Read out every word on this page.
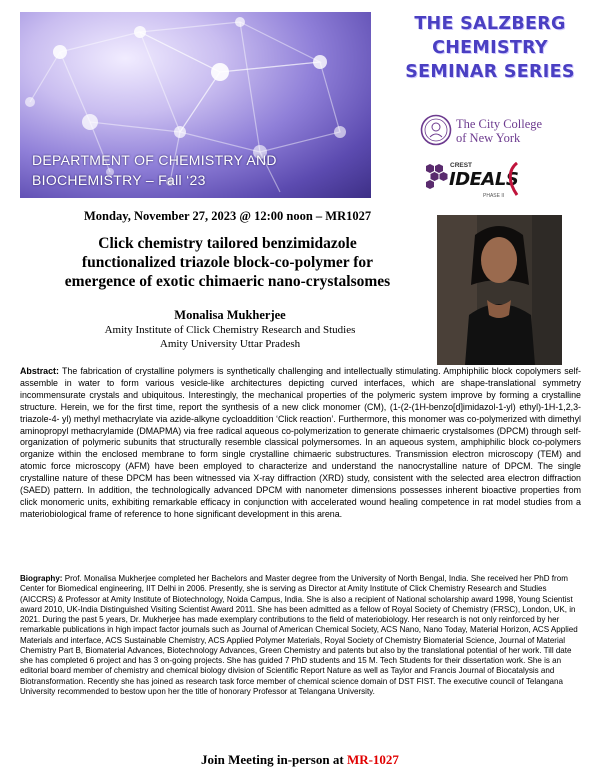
DEPARTMENT OF CHEMISTRY AND
BIOCHEMISTRY – Fall ‘23
THE SALZBERG
CHEMISTRY
SEMINAR SERIES
The City College
of New York
CREST
IDEALS
PHASE II
Monday, November 27, 2023 @ 12:00 noon – MR1027
Click chemistry tailored benzimidazole
functionalized triazole block-co-polymer for
emergence of exotic chimaeric nano-crystalsomes
Monalisa Mukherjee
Amity Institute of Click Chemistry Research and Studies
Amity University Uttar Pradesh
Abstract: The fabrication of crystalline polymers is synthetically challenging and intellectually stimulating. Amphiphilic block copolymers self-assemble in water to form various vesicle-like architectures depicting curved interfaces, which are shape-translational symmetry incommensurate crystals and ubiquitous. Interestingly, the mechanical properties of the polymeric system improve by forming a crystalline structure. Herein, we for the first time, report the synthesis of a new click monomer (CM), (1-(2-(1H-benzo[d]imidazol-1-yl) ethyl)-1H-1,2,3-triazole-4- yl) methyl methacrylate via azide-alkyne cycloaddition ‘Click reaction’. Furthermore, this monomer was co-polymerized with dimethyl aminopropyl methacrylamide (DMAPMA) via free radical aqueous co-polymerization to generate chimaeric crystalsomes (DPCM) through self-organization of polymeric subunits that structurally resemble classical polymersomes. In an aqueous system, amphiphilic block co-polymers organize within the enclosed membrane to form single crystalline chimaeric substructures. Transmission electron microscopy (TEM) and atomic force microscopy (AFM) have been employed to characterize and understand the nanocrystalline nature of DPCM. The single crystalline nature of these DPCM has been witnessed via X-ray diffraction (XRD) study, consistent with the selected area electron diffraction (SAED) pattern. In addition, the technologically advanced DPCM with nanometer dimensions possesses inherent bioactive properties from click monomeric units, exhibiting remarkable efficacy in conjunction with accelerated wound healing competence in rat model studies from a materiobiological frame of reference to hone significant development in this arena.
Biography: Prof. Monalisa Mukherjee completed her Bachelors and Master degree from the University of North Bengal, India. She received her PhD from Center for Biomedical engineering, IIT Delhi in 2006. Presently, she is serving as Director at Amity Institute of Click Chemistry Research and Studies (AICCRS) & Professor at Amity Institute of Biotechnology, Noida Campus, India. She is also a recipient of National scholarship award 1998, Young Scientist award 2010, UK-India Distinguished Visiting Scientist Award 2011. She has been admitted as a fellow of Royal Society of Chemistry (FRSC), London, UK, in 2021. During the past 5 years, Dr. Mukherjee has made exemplary contributions to the field of materiobiology. Her research is not only reinforced by her remarkable publications in high impact factor journals such as Journal of American Chemical Society, ACS Nano, Nano Today, Material Horizon, ACS Applied Materials and interface, ACS Sustainable Chemistry, ACS Applied Polymer Materials, Royal Society of Chemistry Biomaterial Science, Journal of Material Chemistry Part B, Biomaterial Advances, Biotechnology Advances, Green Chemistry and patents but also by the translational potential of her work. Till date she has completed 6 project and has 3 on-going projects. She has guided 7 PhD students and 15 M. Tech Students for their dissertation work. She is an editorial board member of chemistry and chemical biology division of Scientific Report Nature as well as Taylor and Francis Journal of Biocatalysis and Biotransformation. Recently she has joined as research task force member of chemical science domain of DST FIST. The executive council of Telangana University recommended to bestow upon her the title of honorary Professor at Telangana University.
Join Meeting in-person at MR-1027
